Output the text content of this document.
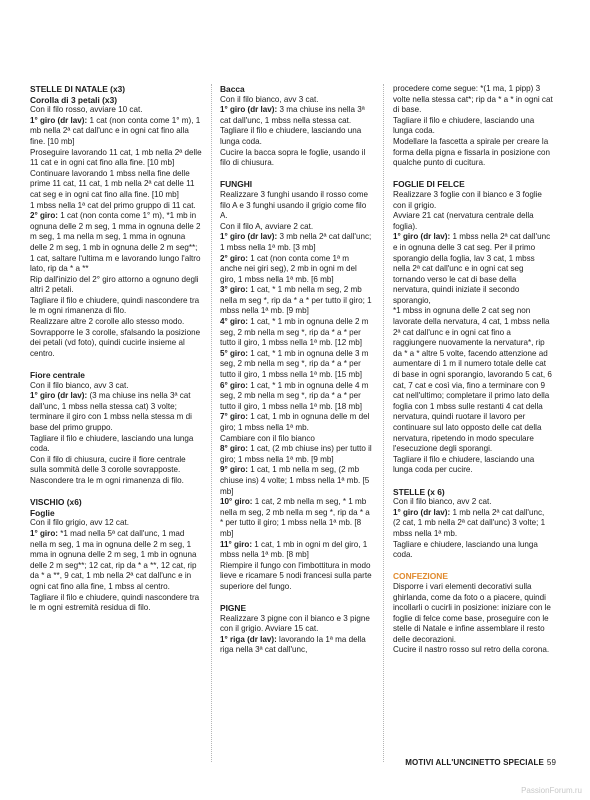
STELLE DI NATALE (x3)
Corolla di 3 petali (x3)

Con il filo rosso, avviare 10 cat.

1° giro (dr lav): 1 cat (non conta come 1° m), 1 mb nella 2ª cat dall'unc e in ogni cat fino alla fine. [10 mb]

Proseguire lavorando 11 cat, 1 mb nella 2ª delle 11 cat e in ogni cat fino alla fine. [10 mb]

Continuare lavorando 1 mbss nella fine delle prime 11 cat, 11 cat, 1 mb nella 2ª cat delle 11 cat seg e in ogni cat fino alla fine. [10 mb]

1 mbss nella 1ª cat del primo gruppo di 11 cat.

2° giro: 1 cat (non conta come 1° m), *1 mb in ognuna delle 2 m seg, 1 mma in ognuna delle 2 m seg, 1 ma nella m seg, 1 mma in ognuna delle 2 m seg, 1 mb in ognuna delle 2 m seg**; 1 cat, saltare l'ultima m e lavorando lungo l'altro lato, rip da * a **

Rip dall'inizio del 2° giro attorno a ognuno degli altri 2 petali.

Tagliare il filo e chiudere, quindi nascondere tra le m ogni rimanenza di filo.

Realizzare altre 2 corolle allo stesso modo. Sovrapporre le 3 corolle, sfalsando la posizione dei petali (vd foto), quindi cucirle insieme al centro.

Fiore centrale

Con il filo bianco, avv 3 cat.

1° giro (dr lav): (3 ma chiuse ins nella 3ª cat dall'unc, 1 mbss nella stessa cat) 3 volte; terminare il giro con 1 mbss nella stessa m di base del primo gruppo.

Tagliare il filo e chiudere, lasciando una lunga coda.

Con il filo di chiusura, cucire il fiore centrale sulla sommità delle 3 corolle sovrapposte. Nascondere tra le m ogni rimanenza di filo.

VISCHIO (x6)
Foglie

Con il filo grigio, avv 12 cat.

1° giro: *1 mad nella 5ª cat dall'unc, 1 mad nella m seg, 1 ma in ognuna delle 2 m seg, 1 mma in ognuna delle 2 m seg, 1 mb in ognuna delle 2 m seg**; 12 cat, rip da * a **, 12 cat, rip da * a **, 9 cat, 1 mb nella 2ª cat dall'unc e in ogni cat fino alla fine, 1 mbss al centro.

Tagliare il filo e chiudere, quindi nascondere tra le m ogni estremità residua di filo.

Bacca

Con il filo bianco, avv 3 cat.

1° giro (dr lav): 3 ma chiuse ins nella 3ª cat dall'unc, 1 mbss nella stessa cat.

Tagliare il filo e chiudere, lasciando una lunga coda.

Cucire la bacca sopra le foglie, usando il filo di chiusura.

FUNGHI

Realizzare 3 funghi usando il rosso come filo A e 3 funghi usando il grigio come filo A.

Con il filo A, avviare 2 cat.

1° giro (dr lav): 3 mb nella 2ª cat dall'unc; 1 mbss nella 1ª mb. [3 mb]

2° giro: 1 cat (non conta come 1ª m anche nei giri seg), 2 mb in ogni m del giro, 1 mbss nella 1ª mb. [6 mb]

3° giro: 1 cat, * 1 mb nella m seg, 2 mb nella m seg *, rip da * a * per tutto il giro; 1 mbss nella 1ª mb. [9 mb]

4° giro: 1 cat, * 1 mb in ognuna delle 2 m seg, 2 mb nella m seg *, rip da * a * per tutto il giro, 1 mbss nella 1ª mb. [12 mb]

5° giro: 1 cat, * 1 mb in ognuna delle 3 m seg, 2 mb nella m seg *, rip da * a * per tutto il giro, 1 mbss nella 1ª mb. [15 mb]

6° giro: 1 cat, * 1 mb in ognuna delle 4 m seg, 2 mb nella m seg *, rip da * a * per tutto il giro, 1 mbss nella 1ª mb. [18 mb]

7° giro: 1 cat, 1 mb in ognuna delle m del giro; 1 mbss nella 1ª mb.

Cambiare con il filo bianco

8° giro: 1 cat, (2 mb chiuse ins) per tutto il giro; 1 mbss nella 1ª mb. [9 mb]

9° giro: 1 cat, 1 mb nella m seg, (2 mb chiuse ins) 4 volte; 1 mbss nella 1ª mb. [5 mb]

10° giro: 1 cat, 2 mb nella m seg, * 1 mb nella m seg, 2 mb nella m seg *, rip da * a * per tutto il giro; 1 mbss nella 1ª mb. [8 mb]

11° giro: 1 cat, 1 mb in ogni m del giro, 1 mbss nella 1ª mb. [8 mb]

Riempire il fungo con l'imbottitura in modo lieve e ricamare 5 nodi francesi sulla parte superiore del fungo.

PIGNE

Realizzare 3 pigne con il bianco e 3 pigne con il grigio. Avviare 15 cat.

1° riga (dr lav): lavorando la 1ª ma della riga nella 3ª cat dall'unc,

procedere come segue: *(1 ma, 1 pipp) 3 volte nella stessa cat*; rip da * a * in ogni cat di base.

Tagliare il filo e chiudere, lasciando una lunga coda.

Modellare la fascetta a spirale per creare la forma della pigna e fissarla in posizione con qualche punto di cucitura.

FOGLIE DI FELCE

Realizzare 3 foglie con il bianco e 3 foglie con il grigio.

Avviare 21 cat (nervatura centrale della foglia).

1° giro (dr lav): 1 mbss nella 2ª cat dall'unc e in ognuna delle 3 cat seg. Per il primo sporangio della foglia, lav 3 cat, 1 mbss nella 2ª cat dall'unc e in ogni cat seg tornando verso le cat di base della nervatura, quindi iniziate il secondo sporangio,

*1 mbss in ognuna delle 2 cat seg non lavorate della nervatura, 4 cat, 1 mbss nella 2ª cat dall'unc e in ogni cat fino a raggiungere nuovamente la nervatura*, rip da * a * altre 5 volte, facendo attenzione ad aumentare di 1 m il numero totale delle cat di base in ogni sporangio, lavorando 5 cat, 6 cat, 7 cat e così via, fino a terminare con 9 cat nell'ultimo; completare il primo lato della foglia con 1 mbss sulle restanti 4 cat della nervatura, quindi ruotare il lavoro per continuare sul lato opposto delle cat della nervatura, ripetendo in modo speculare l'esecuzione degli sporangi.

Tagliare il filo e chiudere, lasciando una lunga coda per cucire.

STELLE (x 6)

Con il filo bianco, avv 2 cat.

1° giro (dr lav): 1 mb nella 2ª cat dall'unc, (2 cat, 1 mb nella 2ª cat dall'unc) 3 volte; 1 mbss nella 1ª mb.

Tagliare e chiudere, lasciando una lunga coda.

CONFEZIONE

Disporre i vari elementi decorativi sulla ghirlanda, come da foto o a piacere, quindi incollarli o cucirli in posizione: iniziare con le foglie di felce come base, proseguire con le stelle di Natale e infine assemblare il resto delle decorazioni.

Cucire il nastro rosso sul retro della corona.

MOTIVI ALL'UNCINETTO SPECIALE 59
PassionForum.ru
